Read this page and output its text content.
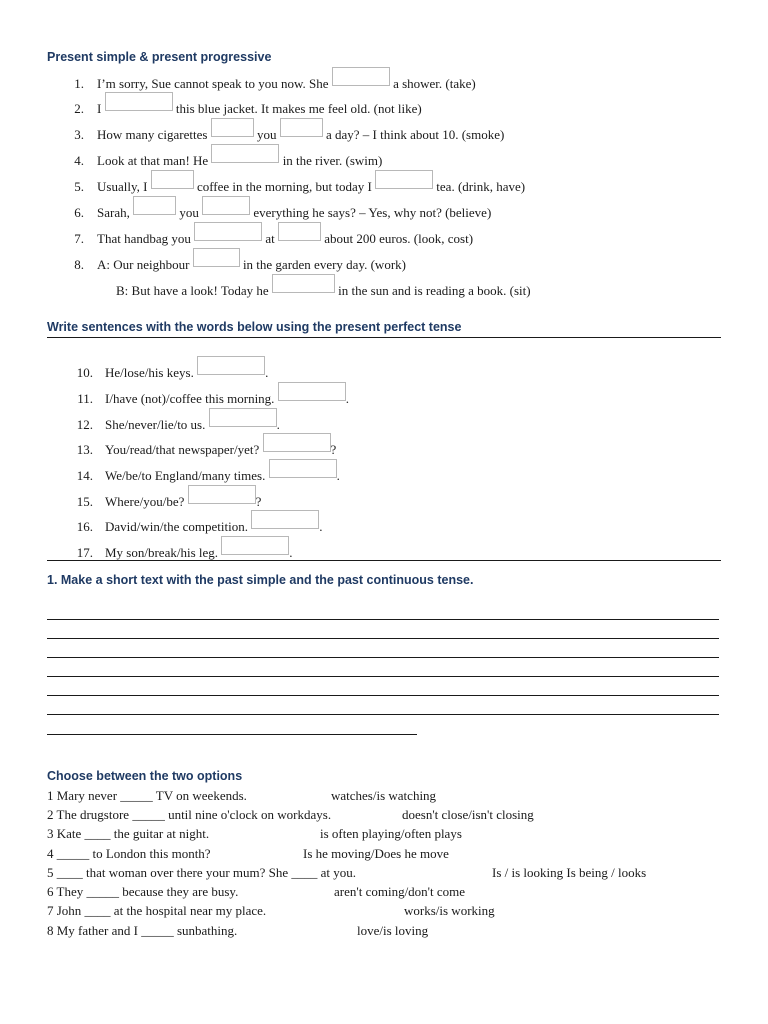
Present simple & present progressive
1. I’m sorry, Sue cannot speak to you now. She	a shower. (take)
2. I	this blue jacket. It makes me feel old. (not like)
3. How many cigarettes	you	a day? – I think about 10. (smoke)
4. Look at that man! He	in the river. (swim)
5. Usually, I	coffee in the morning, but today I	tea. (drink, have)
6. Sarah,	you	everything he says? – Yes, why not? (believe)
7. That handbag you	at	about 200 euros. (look, cost)
8. A: Our neighbour	in the garden every day. (work)
B: But have a look! Today he	in the sun and is reading a book. (sit)
Write sentences with the words below using the present perfect tense
10. He/lose/his keys.	.
11. I/have (not)/coffee this morning.	.
12. She/never/lie/to us.	.
13. You/read/that newspaper/yet?	?
14. We/be/to England/many times.	.
15. Where/you/be?	?
16. David/win/the competition.	.
17. My son/break/his leg.	.
1. Make a short text with the past simple and the past continuous tense.
Choose between the two options
1 Mary never _____ TV on weekends.	watches/is watching
2 The drugstore _____ until nine o'clock on workdays.	doesn't close/isn't closing
3 Kate ____ the guitar at night.	is often playing/often plays
4 _____ to London this month?	Is he moving/Does he move
5 ____ that woman over there your mum? She ____ at you.	Is / is looking Is being / looks
6 They _____ because they are busy.	aren't coming/don't come
7 John ____ at the hospital near my place.	works/is working
8 My father and I _____ sunbathing.	love/is loving
